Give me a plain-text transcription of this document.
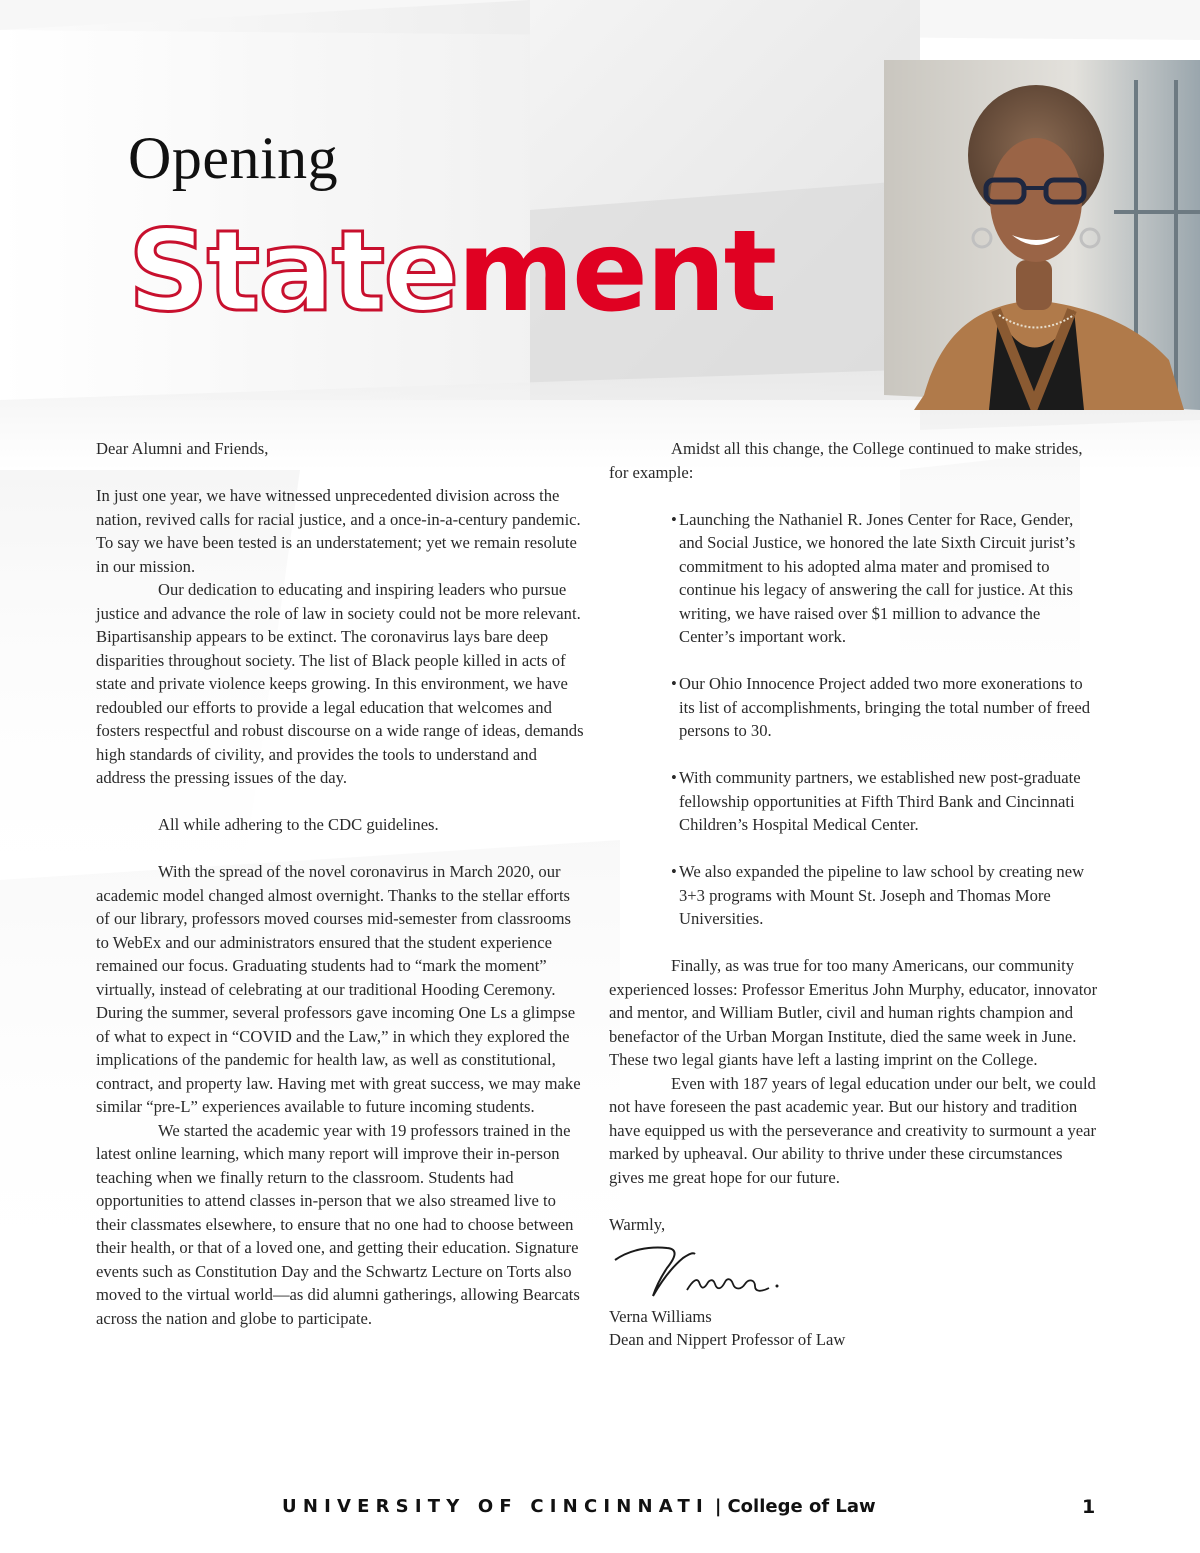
Opening
Statement

Dear Alumni and Friends,

In just one year, we have witnessed unprecedented division across the nation, revived calls for racial justice, and a once-in-a-century pandemic. To say we have been tested is an understatement; yet we remain resolute in our mission.

Our dedication to educating and inspiring leaders who pursue justice and advance the role of law in society could not be more relevant. Bipartisanship appears to be extinct. The coronavirus lays bare deep disparities throughout society. The list of Black people killed in acts of state and private violence keeps growing. In this environment, we have redoubled our efforts to provide a legal education that welcomes and fosters respectful and robust discourse on a wide range of ideas, demands high standards of civility, and provides the tools to understand and address the pressing issues of the day.

All while adhering to the CDC guidelines.

With the spread of the novel coronavirus in March 2020, our academic model changed almost overnight. Thanks to the stellar efforts of our library, professors moved courses mid-semester from classrooms to WebEx and our administrators ensured that the student experience remained our focus. Graduating students had to “mark the moment” virtually, instead of celebrating at our traditional Hooding Ceremony. During the summer, several professors gave incoming One Ls a glimpse of what to expect in “COVID and the Law,” in which they explored the implications of the pandemic for health law, as well as constitutional, contract, and property law. Having met with great success, we may make similar “pre-L” experiences available to future incoming students.

We started the academic year with 19 professors trained in the latest online learning, which many report will improve their in-person teaching when we finally return to the classroom. Students had opportunities to attend classes in-person that we also streamed live to their classmates elsewhere, to ensure that no one had to choose between their health, or that of a loved one, and getting their education. Signature events such as Constitution Day and the Schwartz Lecture on Torts also moved to the virtual world—as did alumni gatherings, allowing Bearcats across the nation and globe to participate.

Amidst all this change, the College continued to make strides, for example:

• Launching the Nathaniel R. Jones Center for Race, Gender, and Social Justice, we honored the late Sixth Circuit jurist’s commitment to his adopted alma mater and promised to continue his legacy of answering the call for justice. At this writing, we have raised over $1 million to advance the Center’s important work.

• Our Ohio Innocence Project added two more exonerations to its list of accomplishments, bringing the total number of freed persons to 30.

• With community partners, we established new post-graduate fellowship opportunities at Fifth Third Bank and Cincinnati Children’s Hospital Medical Center.

• We also expanded the pipeline to law school by creating new 3+3 programs with Mount St. Joseph and Thomas More Universities.

Finally, as was true for too many Americans, our community experienced losses: Professor Emeritus John Murphy, educator, innovator and mentor, and William Butler, civil and human rights champion and benefactor of the Urban Morgan Institute, died the same week in June. These two legal giants have left a lasting imprint on the College.

Even with 187 years of legal education under our belt, we could not have foreseen the past academic year. But our history and tradition have equipped us with the perseverance and creativity to surmount a year marked by upheaval. Our ability to thrive under these circumstances gives me great hope for our future.

Warmly,

Verna Williams

Dean and Nippert Professor of Law

UNIVERSITY OF CINCINNATI | College of Law	1
